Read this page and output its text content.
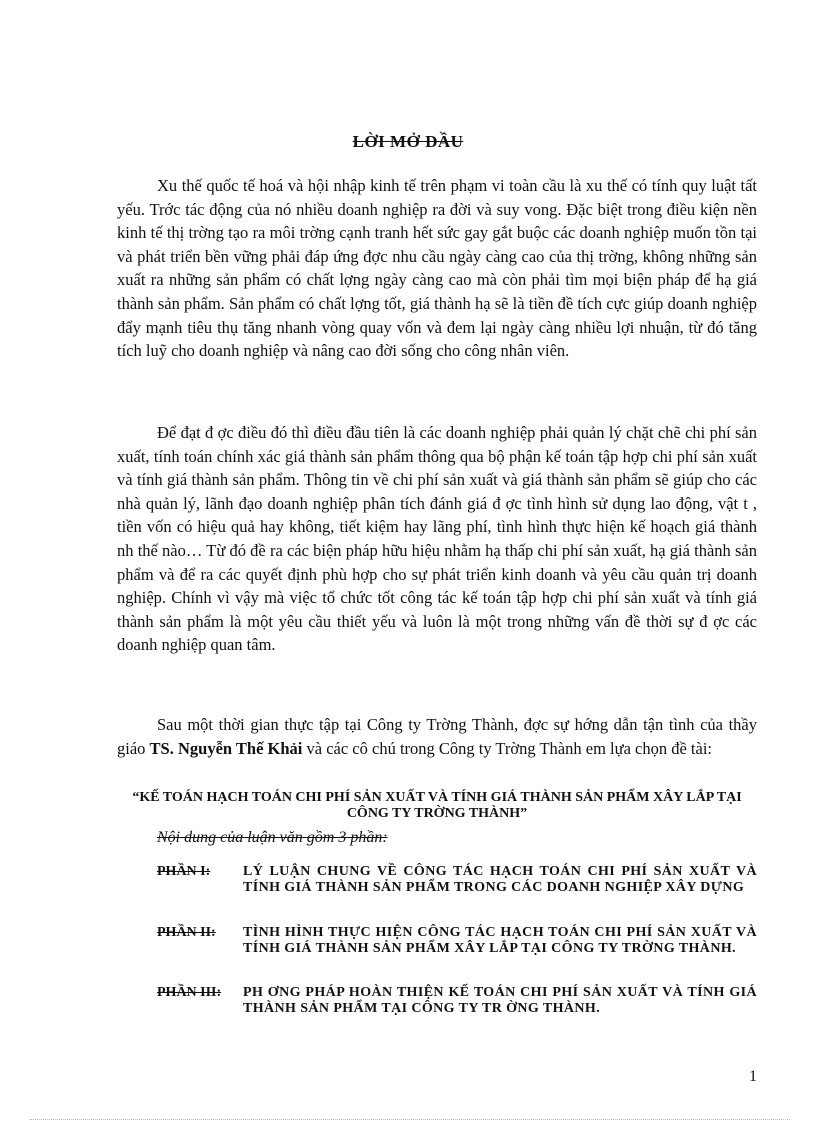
LỜI MỞ ĐẦU

Xu thế quốc tế hoá và hội nhập kinh tế trên phạm vi toàn cầu là xu thế có tính quy luật tất yếu. Trớc tác động của nó nhiều doanh nghiệp ra đời và suy vong. Đặc biệt trong điều kiện nền kinh tế thị trờng tạo ra môi trờng cạnh tranh hết sức gay gắt buộc các doanh nghiệp muốn tồn tại và phát triển bền vững phải đáp ứng đợc nhu cầu ngày càng cao của thị trờng, không những sản xuất ra những sản phẩm có chất lợng ngày càng cao mà còn phải tìm mọi biện pháp để hạ giá thành sản phẩm. Sản phẩm có chất lợng tốt, giá thành hạ sẽ là tiền đề tích cực giúp doanh nghiệp đẩy mạnh tiêu thụ tăng nhanh vòng quay vốn và đem lại ngày càng nhiều lợi nhuận, từ đó tăng tích luỹ cho doanh nghiệp và nâng cao đời sống cho công nhân viên.

Để đạt đ ợc điều đó thì điều đầu tiên là các doanh nghiệp phải quản lý chặt chẽ chi phí sản xuất, tính toán chính xác giá thành sản phẩm thông qua bộ phận kế toán tập hợp chi phí sản xuất và tính giá thành sản phẩm. Thông tin về chi phí sản xuất và giá thành sản phẩm sẽ giúp cho các nhà quản lý, lãnh đạo doanh nghiệp phân tích đánh giá đ ợc tình hình sử dụng lao động, vật t , tiền vốn có hiệu quả hay không, tiết kiệm hay lãng phí, tình hình thực hiện kế hoạch giá thành nh thế nào… Từ đó đề ra các biện pháp hữu hiệu nhằm hạ thấp chi phí sản xuất, hạ giá thành sản phẩm và để ra các quyết định phù hợp cho sự phát triển kinh doanh và yêu cầu quản trị doanh nghiệp. Chính vì vậy mà việc tổ chức tốt công tác kế toán tập hợp chi phí sản xuất và tính giá thành sản phẩm là một yêu cầu thiết yếu và luôn là một trong những vấn đề thời sự đ ợc các doanh nghiệp quan tâm.

Sau một thời gian thực tập tại Công ty Trờng Thành, đợc sự hớng dẫn tận tình của thầy giáo TS. Nguyễn Thế Khải và các cô chú trong Công ty Trờng Thành em lựa chọn đề tài:

“KẾ TOÁN HẠCH TOÁN CHI PHÍ SẢN XUẤT VÀ TÍNH GIÁ THÀNH SẢN PHẨM XÂY LẮP TẠI CÔNG TY TRỜNG THÀNH”
Nội dung của luận văn gồm 3 phần:
PHẦN I: LÝ LUẬN CHUNG VỀ CÔNG TÁC HẠCH TOÁN CHI PHÍ SẢN XUẤT VÀ TÍNH GIÁ THÀNH SẢN PHẨM TRONG CÁC DOANH NGHIỆP XÂY DỰNG
PHẦN II: TÌNH HÌNH THỰC HIỆN CÔNG TÁC HẠCH TOÁN CHI PHÍ SẢN XUẤT VÀ TÍNH GIÁ THÀNH SẢN PHẨM XÂY LẮP TẠI CÔNG TY TRỜNG THÀNH.
PHẦN III: PH ƠNG PHÁP HOÀN THIỆN KẾ TOÁN CHI PHÍ SẢN XUẤT VÀ TÍNH GIÁ THÀNH SẢN PHẨM TẠI CÔNG TY TR ỜNG THÀNH.
1
